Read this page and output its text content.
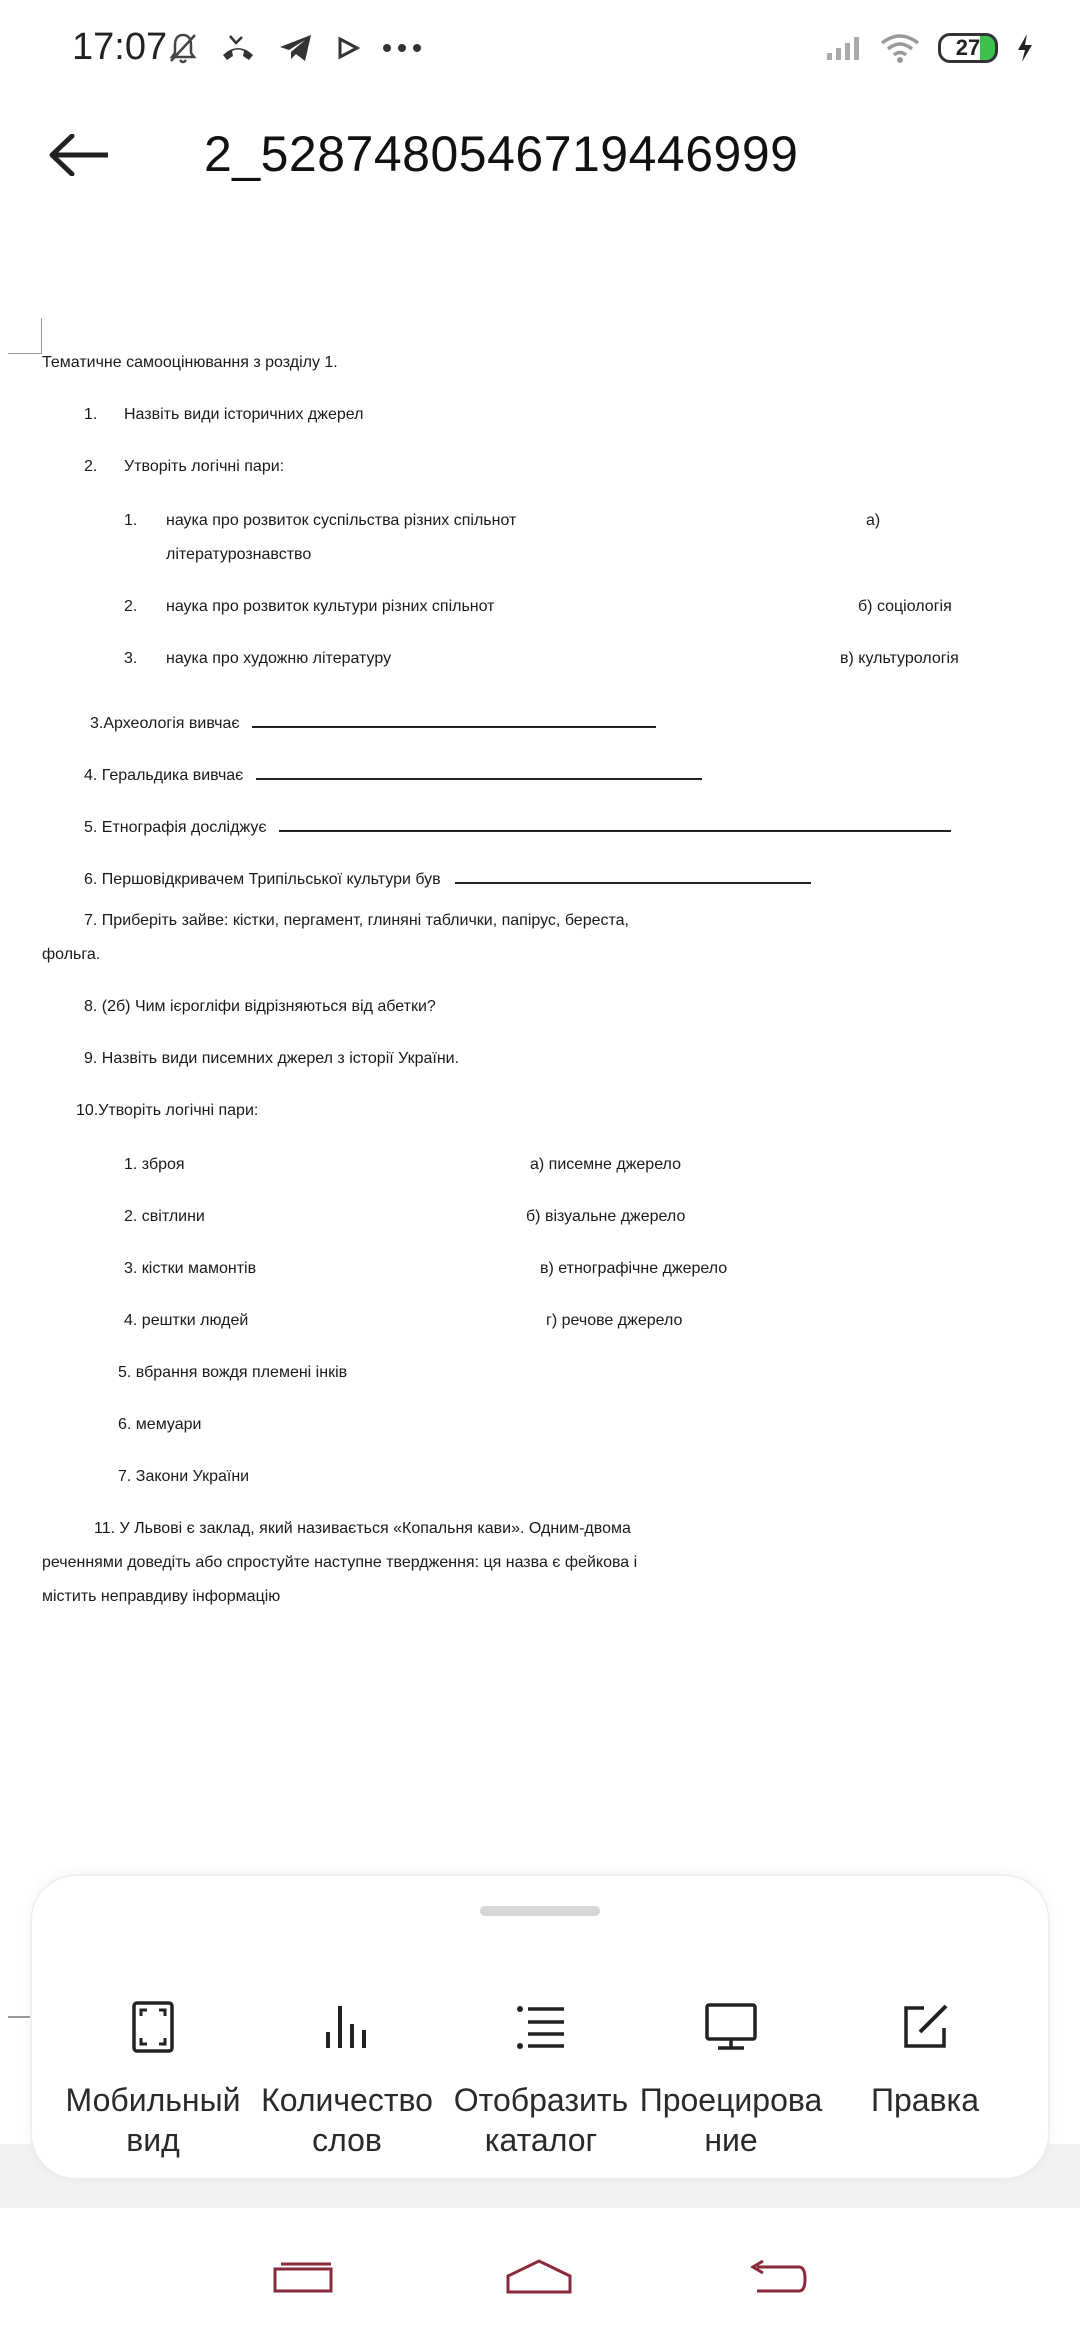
17:07	27
2_5287480546719446999
Тематичне самооцінювання з розділу 1.
1. Назвіть види історичних джерел
2. Утворіть логічні пари:
1. наука про розвиток суспільства різних спільнот	а)
літературознавство
2. наука про розвиток культури різних спільнот	б) соціологія
3. наука про художню літературу	в) культурологія
3.Археологія вивчає
4. Геральдика вивчає
5. Етнографія досліджує
6. Першовідкривачем Трипільської культури був
7. Приберіть зайве: кістки, пергамент, глиняні таблички, папірус, береста,
фольга.
8. (2б) Чим ієрогліфи відрізняються від абетки?
9. Назвіть види писемних джерел з історії України.
10.Утворіть логічні пари:
1. зброя	а) писемне джерело
2. світлини	б) візуальне джерело
3. кістки мамонтів	в) етнографічне джерело
4. рештки людей	г) речове джерело
5. вбрання вождя племені інків
6. мемуари
7. Закони України
11. У Львові є заклад, який називається «Копальня кави». Одним-двома
реченнями доведіть або спростуйте наступне твердження: ця назва є фейкова і
містить неправдиву інформацію
Мобильный вид
Количество слов
Отобразить каталог
Проецирова ние
Правка
